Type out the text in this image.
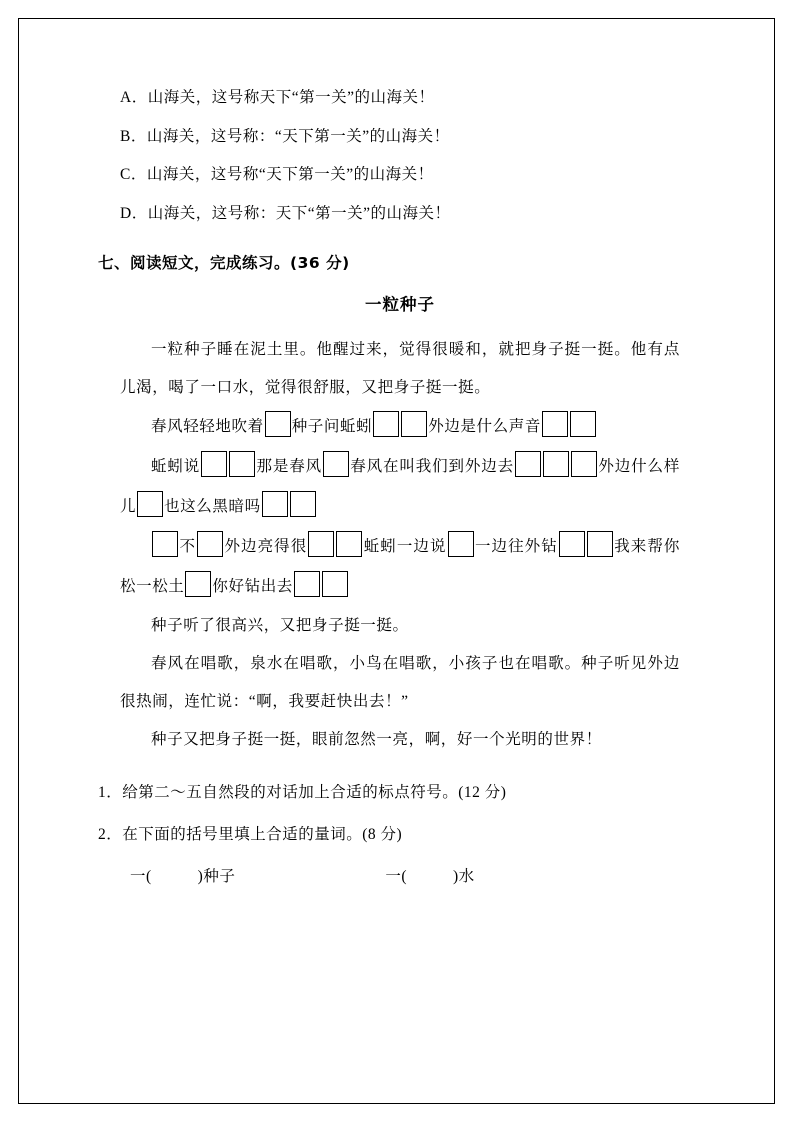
A．山海关，这号称天下“第一关”的山海关！
B．山海关，这号称：“天下第一关”的山海关！
C．山海关，这号称“天下第一关”的山海关！
D．山海关，这号称：天下“第一关”的山海关！
七、阅读短文，完成练习。(36 分)
一粒种子
一粒种子睡在泥土里。他醒过来，觉得很暖和，就把身子挺一挺。他有点儿渴，喝了一口水，觉得很舒服，又把身子挺一挺。
春风轻轻地吹着 种子问蚯蚓	外边是什么声音
蚯蚓说	那是春风 春风在叫我们到外边去	外边什么样儿 也这么黑暗吗
不 外边亮得很	蚯蚓一边说 一边往外钻	我来帮你松一松土 你好钻出去
种子听了很高兴，又把身子挺一挺。
春风在唱歌，泉水在唱歌，小鸟在唱歌，小孩子也在唱歌。种子听见外边很热闹，连忙说：“啊，我要赶快出去！”
种子又把身子挺一挺，眼前忽然一亮，啊，好一个光明的世界！
1．给第二～五自然段的对话加上合适的标点符号。(12 分)
2．在下面的括号里填上合适的量词。(8 分)
一(	)种子	一(	)水
